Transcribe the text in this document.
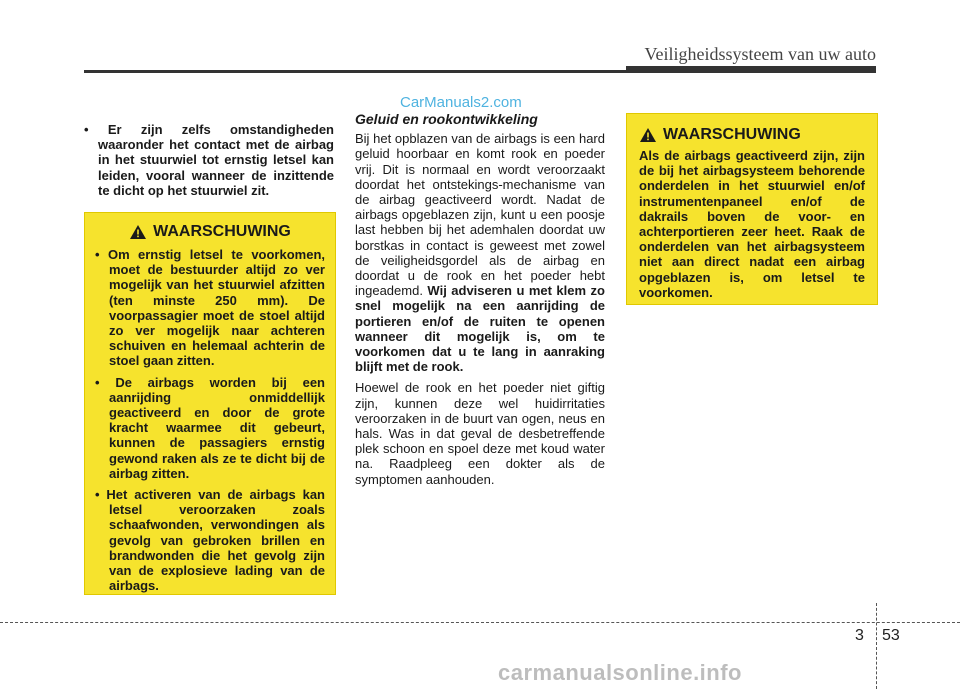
Veiligheidssysteem van uw auto
CarManuals2.com
• Er zijn zelfs omstandigheden waaronder het contact met de airbag in het stuurwiel tot ernstig letsel kan leiden, vooral wanneer de inzittende te dicht op het stuurwiel zit.
WAARSCHUWING
• Om ernstig letsel te voorkomen, moet de bestuurder altijd zo ver mogelijk van het stuurwiel afzitten (ten minste 250 mm). De voorpassagier moet de stoel altijd zo ver mogelijk naar achteren schuiven en helemaal achterin de stoel gaan zitten.
• De airbags worden bij een aanrijding onmiddellijk geactiveerd en door de grote kracht waarmee dit gebeurt, kunnen de passagiers ernstig gewond raken als ze te dicht bij de airbag zitten.
• Het activeren van de airbags kan letsel veroorzaken zoals schaafwonden, verwondingen als gevolg van gebroken brillen en brandwonden die het gevolg zijn van de explosieve lading van de airbags.
Geluid en rookontwikkeling

Bij het opblazen van de airbags is een hard geluid hoorbaar en komt rook en poeder vrij. Dit is normaal en wordt veroorzaakt doordat het ontstekings-mechanisme van de airbag geactiveerd wordt. Nadat de airbags opgeblazen zijn, kunt u een poosje last hebben bij het ademhalen doordat uw borstkas in contact is geweest met zowel de veiligheidsgordel als de airbag en doordat u de rook en het poeder hebt ingeademd. Wij adviseren u met klem zo snel mogelijk na een aanrijding de portieren en/of de ruiten te openen wanneer dit mogelijk is, om te voorkomen dat u te lang in aanraking blijft met de rook.

Hoewel de rook en het poeder niet giftig zijn, kunnen deze wel huidirritaties veroorzaken in de buurt van ogen, neus en hals. Was in dat geval de desbetreffende plek schoon en spoel deze met koud water na. Raadpleeg een dokter als de symptomen aanhouden.

WAARSCHUWING
Als de airbags geactiveerd zijn, zijn de bij het airbagsysteem behorende onderdelen in het stuurwiel en/of instrumentenpaneel en/of de dakrails boven de voor- en achterportieren zeer heet. Raak de onderdelen van het airbagsysteem niet aan direct nadat een airbag opgeblazen is, om letsel te voorkomen.
3 53
carmanualsonline.info
